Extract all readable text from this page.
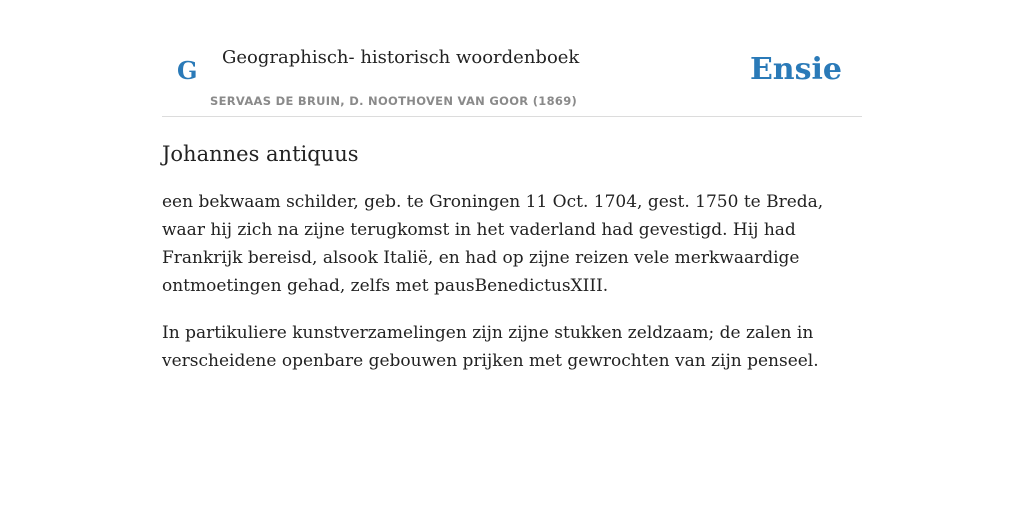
G Geographisch- historisch woordenboek
SERVAAS DE BRUIN, D. NOOTHOVEN VAN GOOR (1869)
Ensie
Johannes antiquus

een bekwaam schilder, geb. te Groningen 11 Oct. 1704, gest. 1750 te Breda, waar hij zich na zijne terugkomst in het vaderland had gevestigd. Hij had Frankrijk bereisd, alsook Italië, en had op zijne reizen vele merkwaardige ontmoetingen gehad, zelfs met pausBenedictusXIII.

In partikuliere kunstverzamelingen zijn zijne stukken zeldzaam; de zalen in verscheidene openbare gebouwen prijken met gewrochten van zijn penseel.
